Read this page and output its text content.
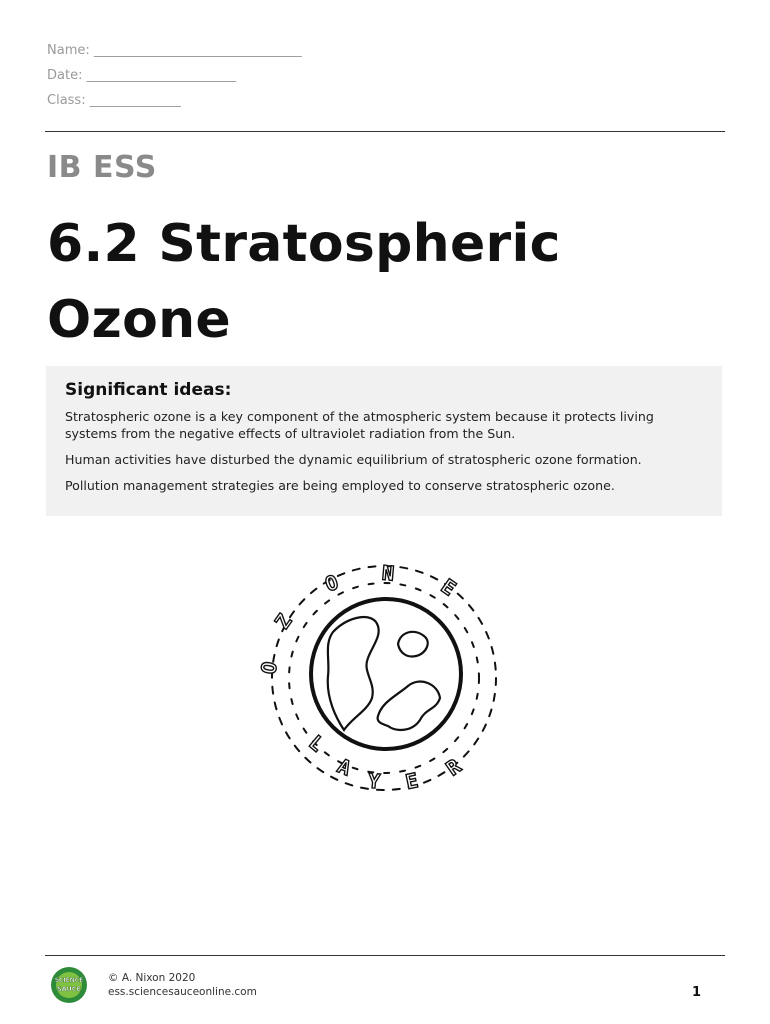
Name: ________________________________
Date: _______________________
Class: ______________
IB ESS
6.2 Stratospheric
Ozone

Significant ideas:

Stratospheric ozone is a key component of the atmospheric system because it protects living systems from the negative effects of ultraviolet radiation from the Sun.

Human activities have disturbed the dynamic equilibrium of stratospheric ozone formation.

Pollution management strategies are being employed to conserve stratospheric ozone.

O
Z
O N
E
L
A
Y E
R
SCIENCE
SAUCE
© A. Nixon 2020
ess.sciencesauceonline.com	1
